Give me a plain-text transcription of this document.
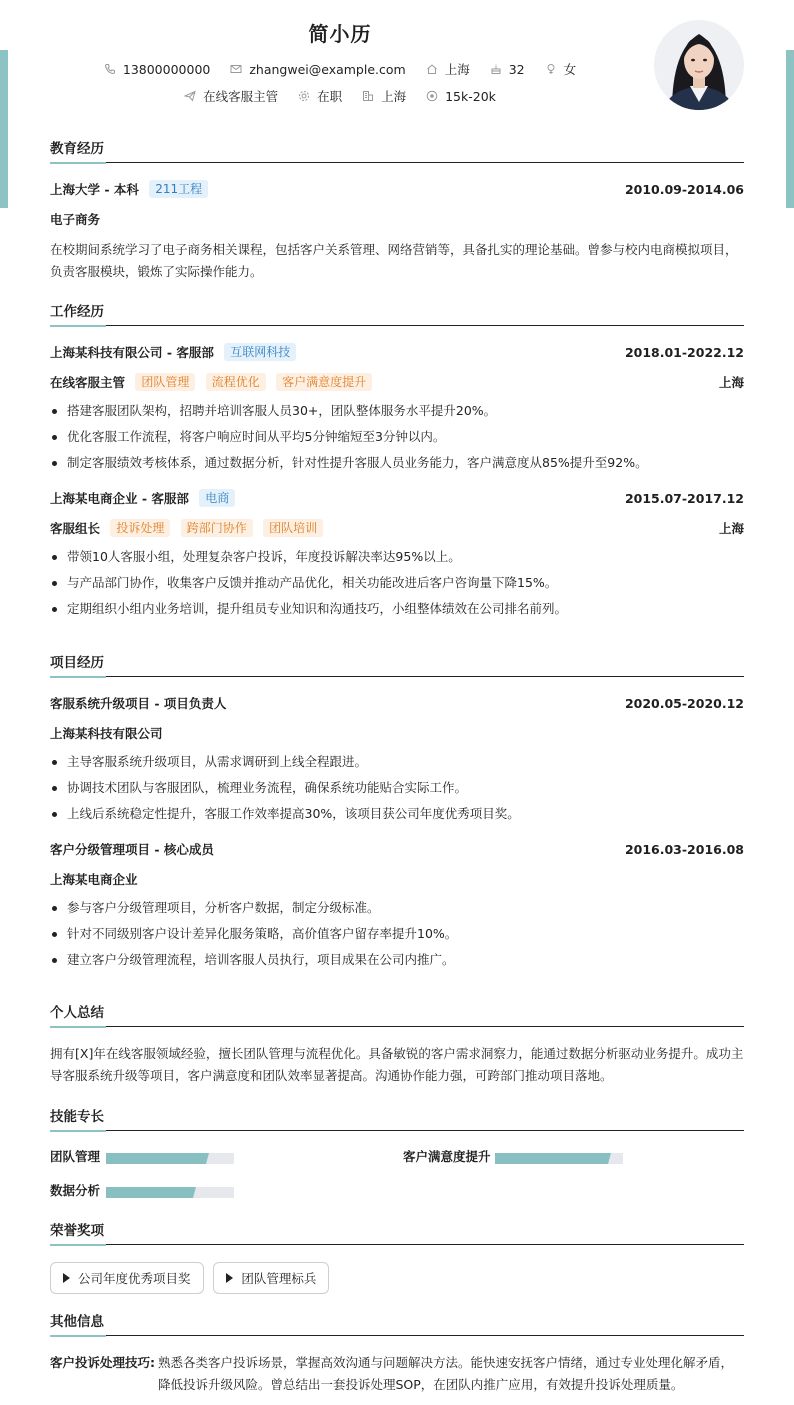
简小历
13800000000
	zhangwei@example.com
	上海
	32
	女
在线客服主管
	在职
	上海
	15k-20k
教育经历
上海大学 - 本科 211工程	2010.09-2014.06
电子商务
在校期间系统学习了电子商务相关课程，包括客户关系管理、网络营销等，具备扎实的理论基础。曾参与校内电商模拟项目，负责客服模块，锻炼了实际操作能力。
工作经历
上海某科技有限公司 - 客服部 互联网科技	2018.01-2022.12
在线客服主管 团队管理 流程优化 客户满意度提升	上海
搭建客服团队架构，招聘并培训客服人员30+，团队整体服务水平提升20%。
优化客服工作流程，将客户响应时间从平均5分钟缩短至3分钟以内。
制定客服绩效考核体系，通过数据分析，针对性提升客服人员业务能力，客户满意度从85%提升至92%。
上海某电商企业 - 客服部 电商	2015.07-2017.12
客服组长 投诉处理 跨部门协作 团队培训	上海
带领10人客服小组，处理复杂客户投诉，年度投诉解决率达95%以上。
与产品部门协作，收集客户反馈并推动产品优化，相关功能改进后客户咨询量下降15%。
定期组织小组内业务培训，提升组员专业知识和沟通技巧，小组整体绩效在公司排名前列。
项目经历
客服系统升级项目 - 项目负责人	2020.05-2020.12
上海某科技有限公司
主导客服系统升级项目，从需求调研到上线全程跟进。
协调技术团队与客服团队，梳理业务流程，确保系统功能贴合实际工作。
上线后系统稳定性提升，客服工作效率提高30%，该项目获公司年度优秀项目奖。
客户分级管理项目 - 核心成员	2016.03-2016.08
上海某电商企业
参与客户分级管理项目，分析客户数据，制定分级标准。
针对不同级别客户设计差异化服务策略，高价值客户留存率提升10%。
建立客户分级管理流程，培训客服人员执行，项目成果在公司内推广。
个人总结
拥有[X]年在线客服领域经验，擅长团队管理与流程优化。具备敏锐的客户需求洞察力，能通过数据分析驱动业务提升。成功主导客服系统升级等项目，客户满意度和团队效率显著提高。沟通协作能力强，可跨部门推动项目落地。
技能专长
团队管理	客户满意度提升
数据分析
荣誉奖项
公司年度优秀项目奖
	团队管理标兵
其他信息
客户投诉处理技巧: 熟悉各类客户投诉场景，掌握高效沟通与问题解决方法。能快速安抚客户情绪，通过专业处理化解矛盾，降低投诉升级风险。曾总结出一套投诉处理SOP，在团队内推广应用，有效提升投诉处理质量。
